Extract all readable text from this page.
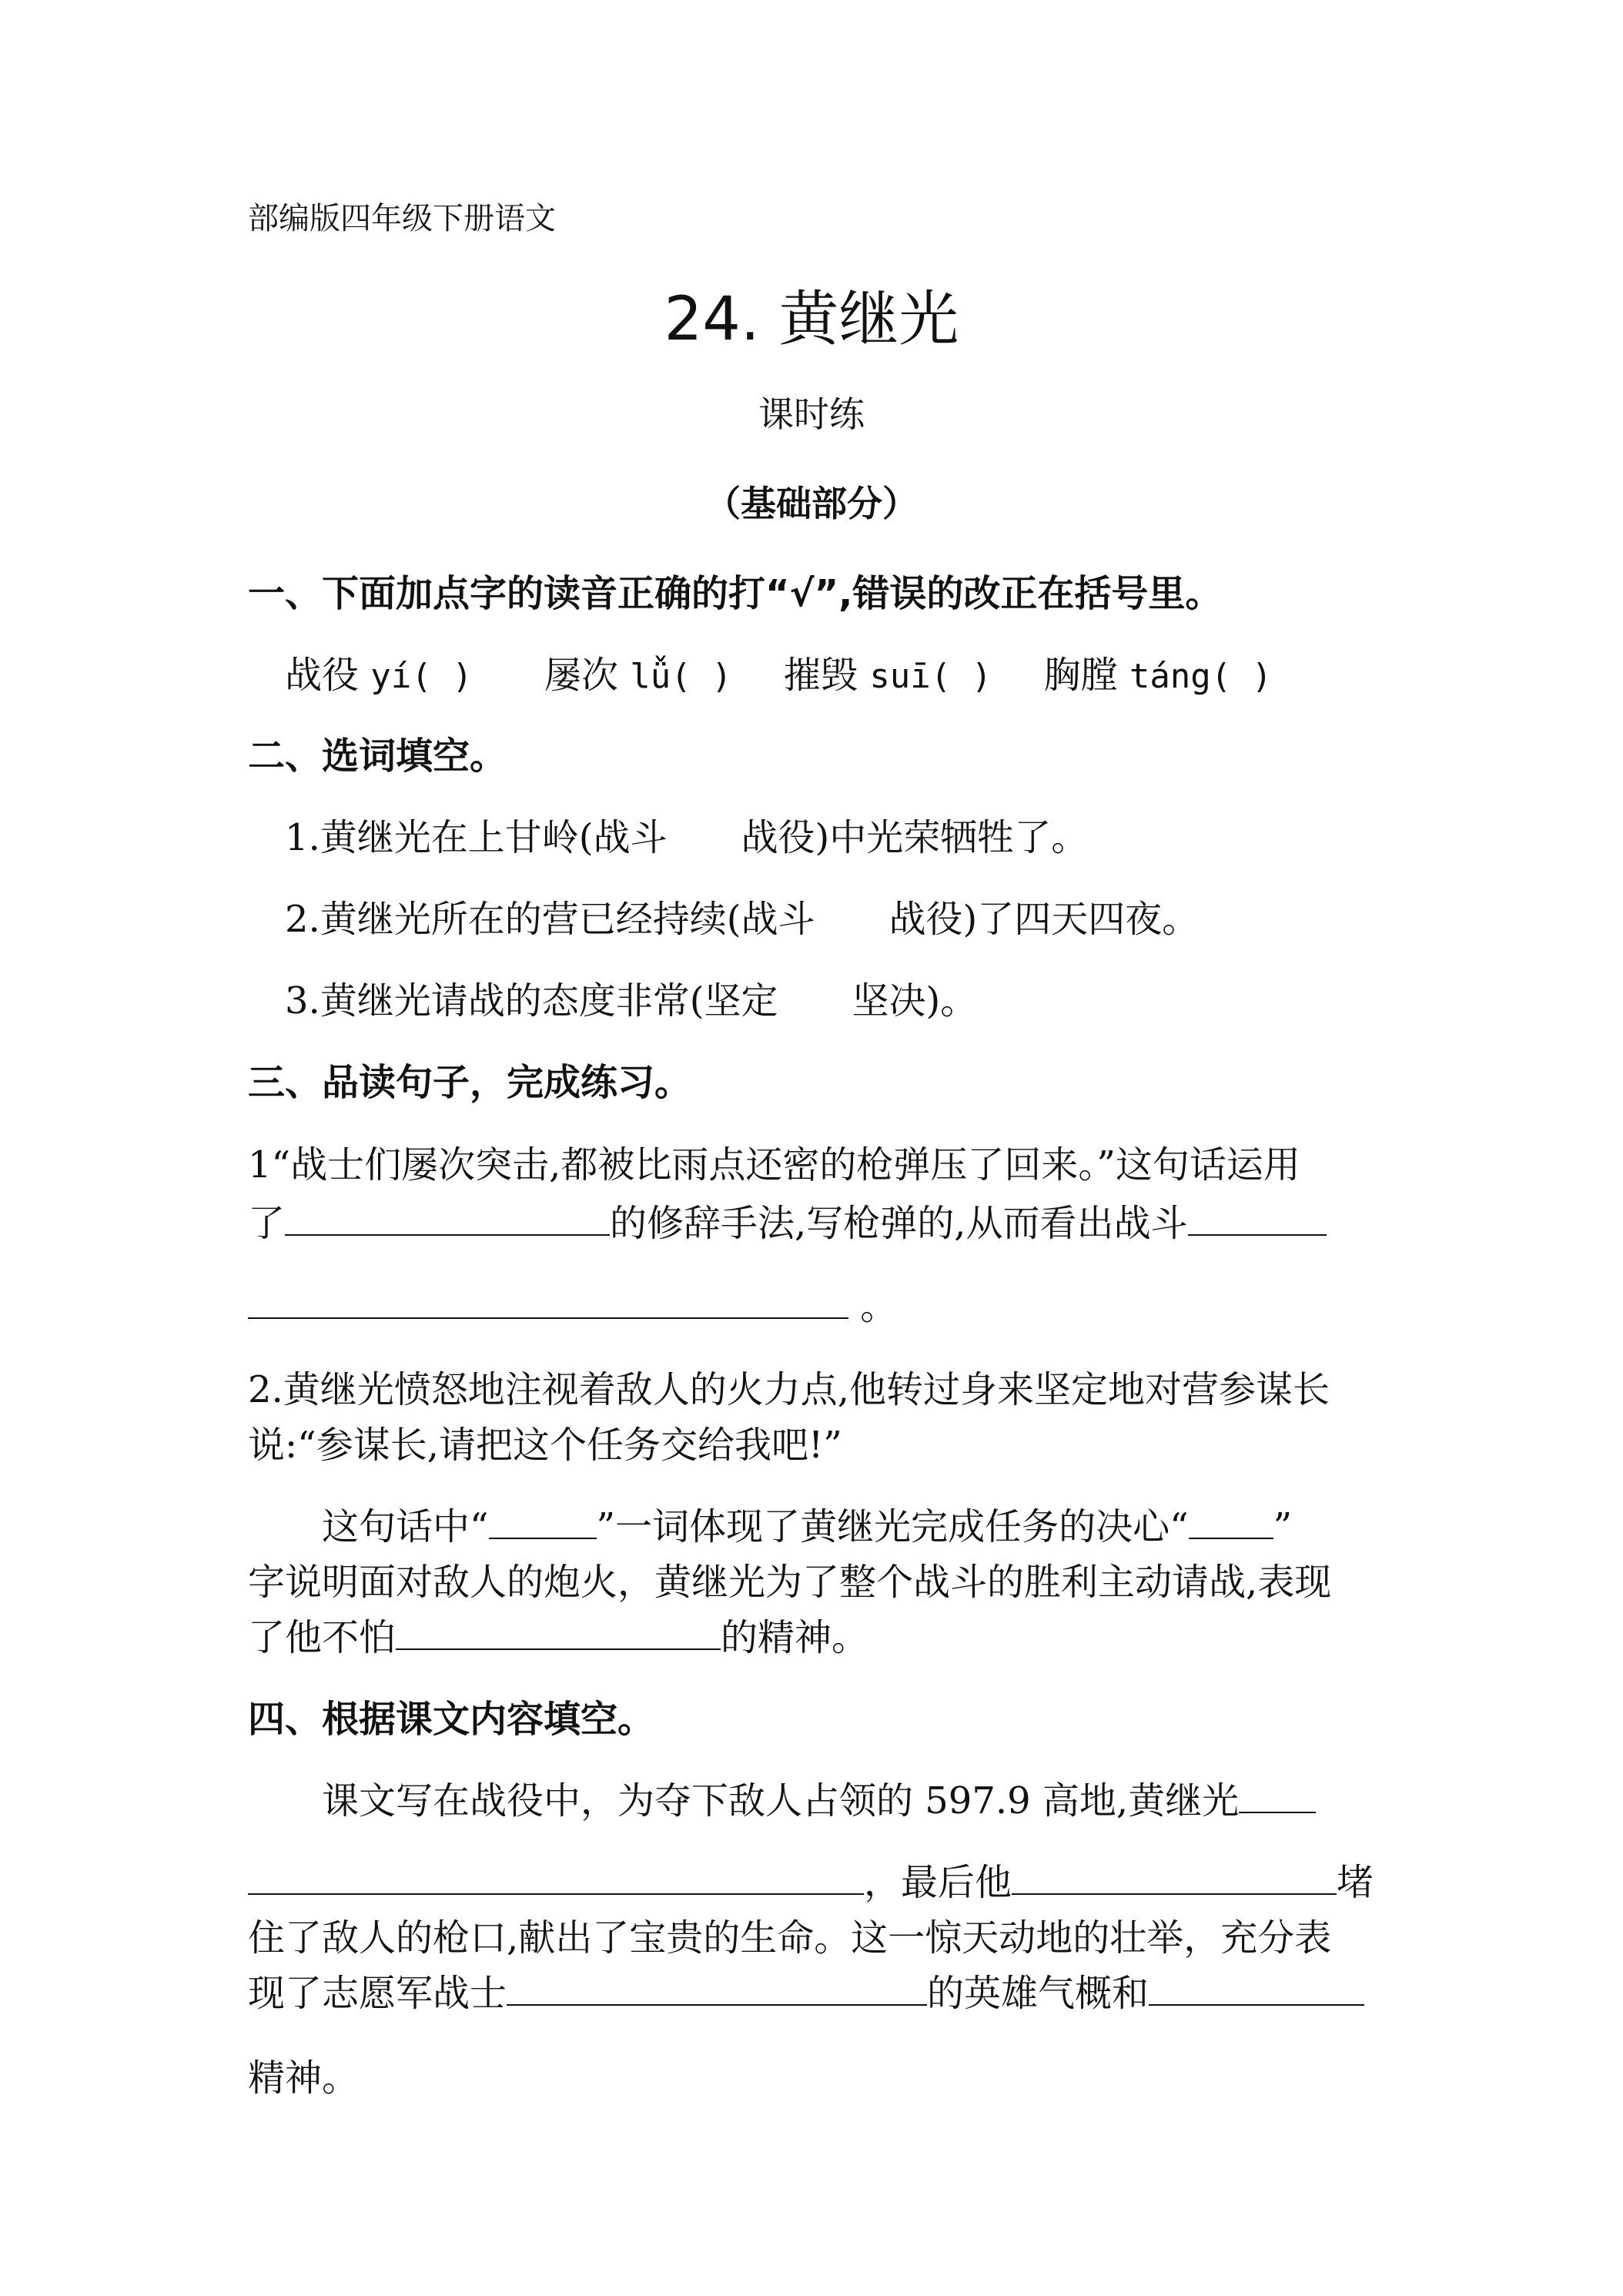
部编版四年级下册语文
24. 黄继光
课时练
（基础部分）
一、下面加点字的读音正确的打“√”,错误的改正在括号里。
战役 yí( ) 屡次 lǚ( ) 摧毁 suī( ) 胸膛 táng( )
二、选词填空。
1.黄继光在上甘岭(战斗　　战役)中光荣牺牲了。
2.黄继光所在的营已经持续(战斗　　战役)了四天四夜。
3.黄继光请战的态度非常(坚定　　坚决)。
三、品读句子，完成练习。
1“战士们屡次突击,都被比雨点还密的枪弹压了回来。”这句话运用
了	的修辞手法,写枪弹的,从而看出战斗
。
2.黄继光愤怒地注视着敌人的火力点,他转过身来坚定地对营参谋长
说:“参谋长,请把这个任务交给我吧!”
这句话中“	”一词体现了黄继光完成任务的决心“ ”
字说明面对敌人的炮火，黄继光为了整个战斗的胜利主动请战,表现
了他不怕	的精神。
四、根据课文内容填空。
课文写在战役中，为夺下敌人占领的 597.9 高地,黄继光
，最后他	堵
住了敌人的枪口,献出了宝贵的生命。这一惊天动地的壮举，充分表
现了志愿军战士	的英雄气概和
精神。
